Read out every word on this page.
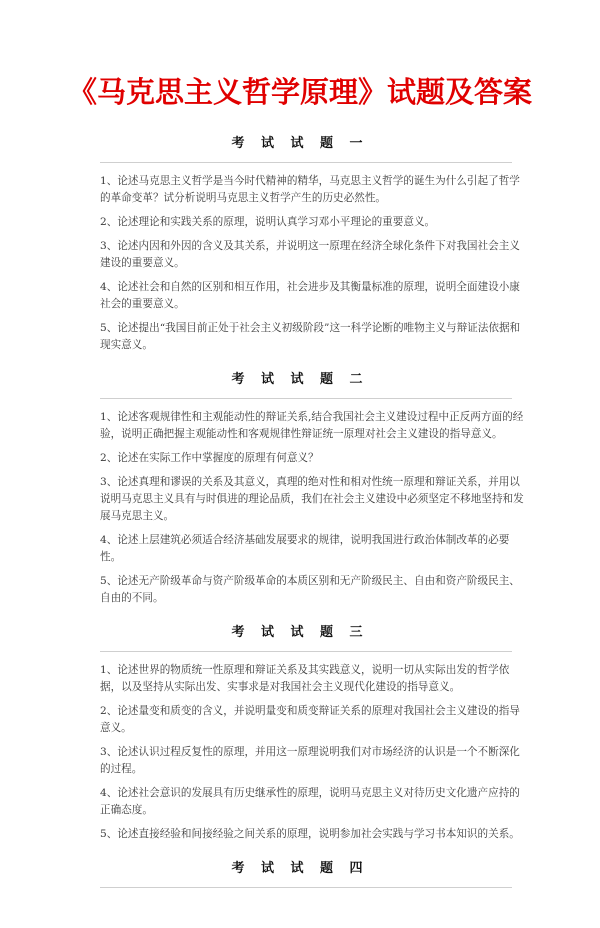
《马克思主义哲学原理》试题及答案
考 试 试 题 一
1、论述马克思主义哲学是当今时代精神的精华，马克思主义哲学的诞生为什么引起了哲学的革命变革？试分析说明马克思主义哲学产生的历史必然性。
2、论述理论和实践关系的原理，说明认真学习邓小平理论的重要意义。
3、论述内因和外因的含义及其关系，并说明这一原理在经济全球化条件下对我国社会主义建设的重要意义。
4、论述社会和自然的区别和相互作用，社会进步及其衡量标准的原理，说明全面建设小康社会的重要意义。
5、论述提出“我国目前正处于社会主义初级阶段”这一科学论断的唯物主义与辩证法依据和现实意义。
考 试 试 题 二
1、论述客观规律性和主观能动性的辩证关系,结合我国社会主义建设过程中正反两方面的经验，说明正确把握主观能动性和客观规律性辩证统一原理对社会主义建设的指导意义。
2、论述在实际工作中掌握度的原理有何意义？
3、论述真理和谬误的关系及其意义，真理的绝对性和相对性统一原理和辩证关系，并用以说明马克思主义具有与时俱进的理论品质，我们在社会主义建设中必须坚定不移地坚持和发展马克思主义。
4、论述上层建筑必须适合经济基础发展要求的规律，说明我国进行政治体制改革的必要性。
5、论述无产阶级革命与资产阶级革命的本质区别和无产阶级民主、自由和资产阶级民主、自由的不同。
考 试 试 题 三
1、论述世界的物质统一性原理和辩证关系及其实践意义，说明一切从实际出发的哲学依据，以及坚持从实际出发、实事求是对我国社会主义现代化建设的指导意义。
2、论述量变和质变的含义，并说明量变和质变辩证关系的原理对我国社会主义建设的指导意义。
3、论述认识过程反复性的原理，并用这一原理说明我们对市场经济的认识是一个不断深化的过程。
4、论述社会意识的发展具有历史继承性的原理，说明马克思主义对待历史文化遗产应持的正确态度。
5、论述直接经验和间接经验之间关系的原理，说明参加社会实践与学习书本知识的关系。
考 试 试 题 四
